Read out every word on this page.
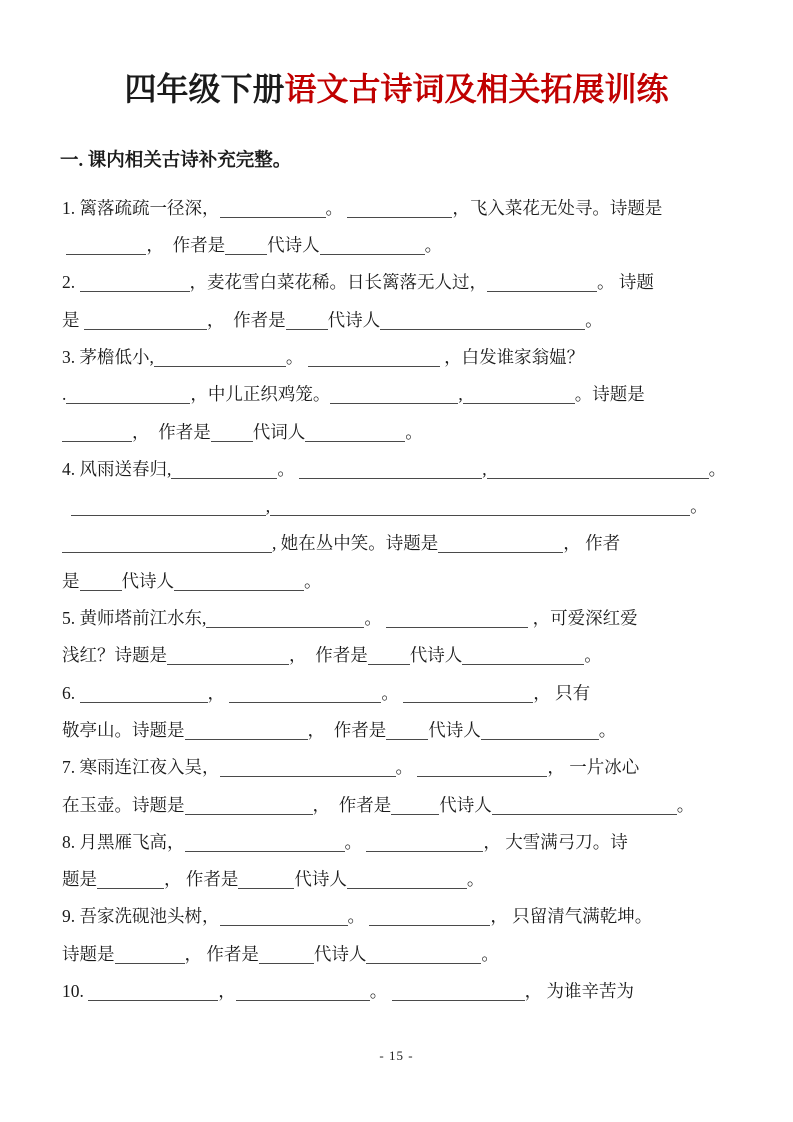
四年级下册语文古诗词及相关拓展训练
一. 课内相关古诗补充完整。
1. 篱落疏疏一径深，	。	，飞入菜花无处寻。诗题是
，  作者是 代诗人	。
2.	，麦花雪白菜花稀。日长篱落无人过，	。 诗题
是	，  作者是 代诗人	。
3. 茅檐低小,	。	，白发谁家翁媪？
.	，中儿正织鸡笼。	,	。诗题是
，  作者是 代词人	。
4. 风雨送春归,	。	,	。
,	。
, 她在丛中笑。诗题是	， 作者
是 代诗人	。
5. 黄师塔前江水东,	。	，可爱深红爱
浅红？诗题是	，  作者是 代诗人	。
6.	，	。	， 只有
敬亭山。诗题是	，  作者是 代诗人	。
7. 寒雨连江夜入吴，	。	， 一片冰心
在玉壶。诗题是	，  作者是	代诗人	。
8. 月黑雁飞高，	。	， 大雪满弓刀。诗
题是	， 作者是	代诗人	。
9. 吾家洗砚池头树，	。	， 只留清气满乾坤。
诗题是	， 作者是	代诗人	。
10.	，	。	， 为谁辛苦为
- 15 -
